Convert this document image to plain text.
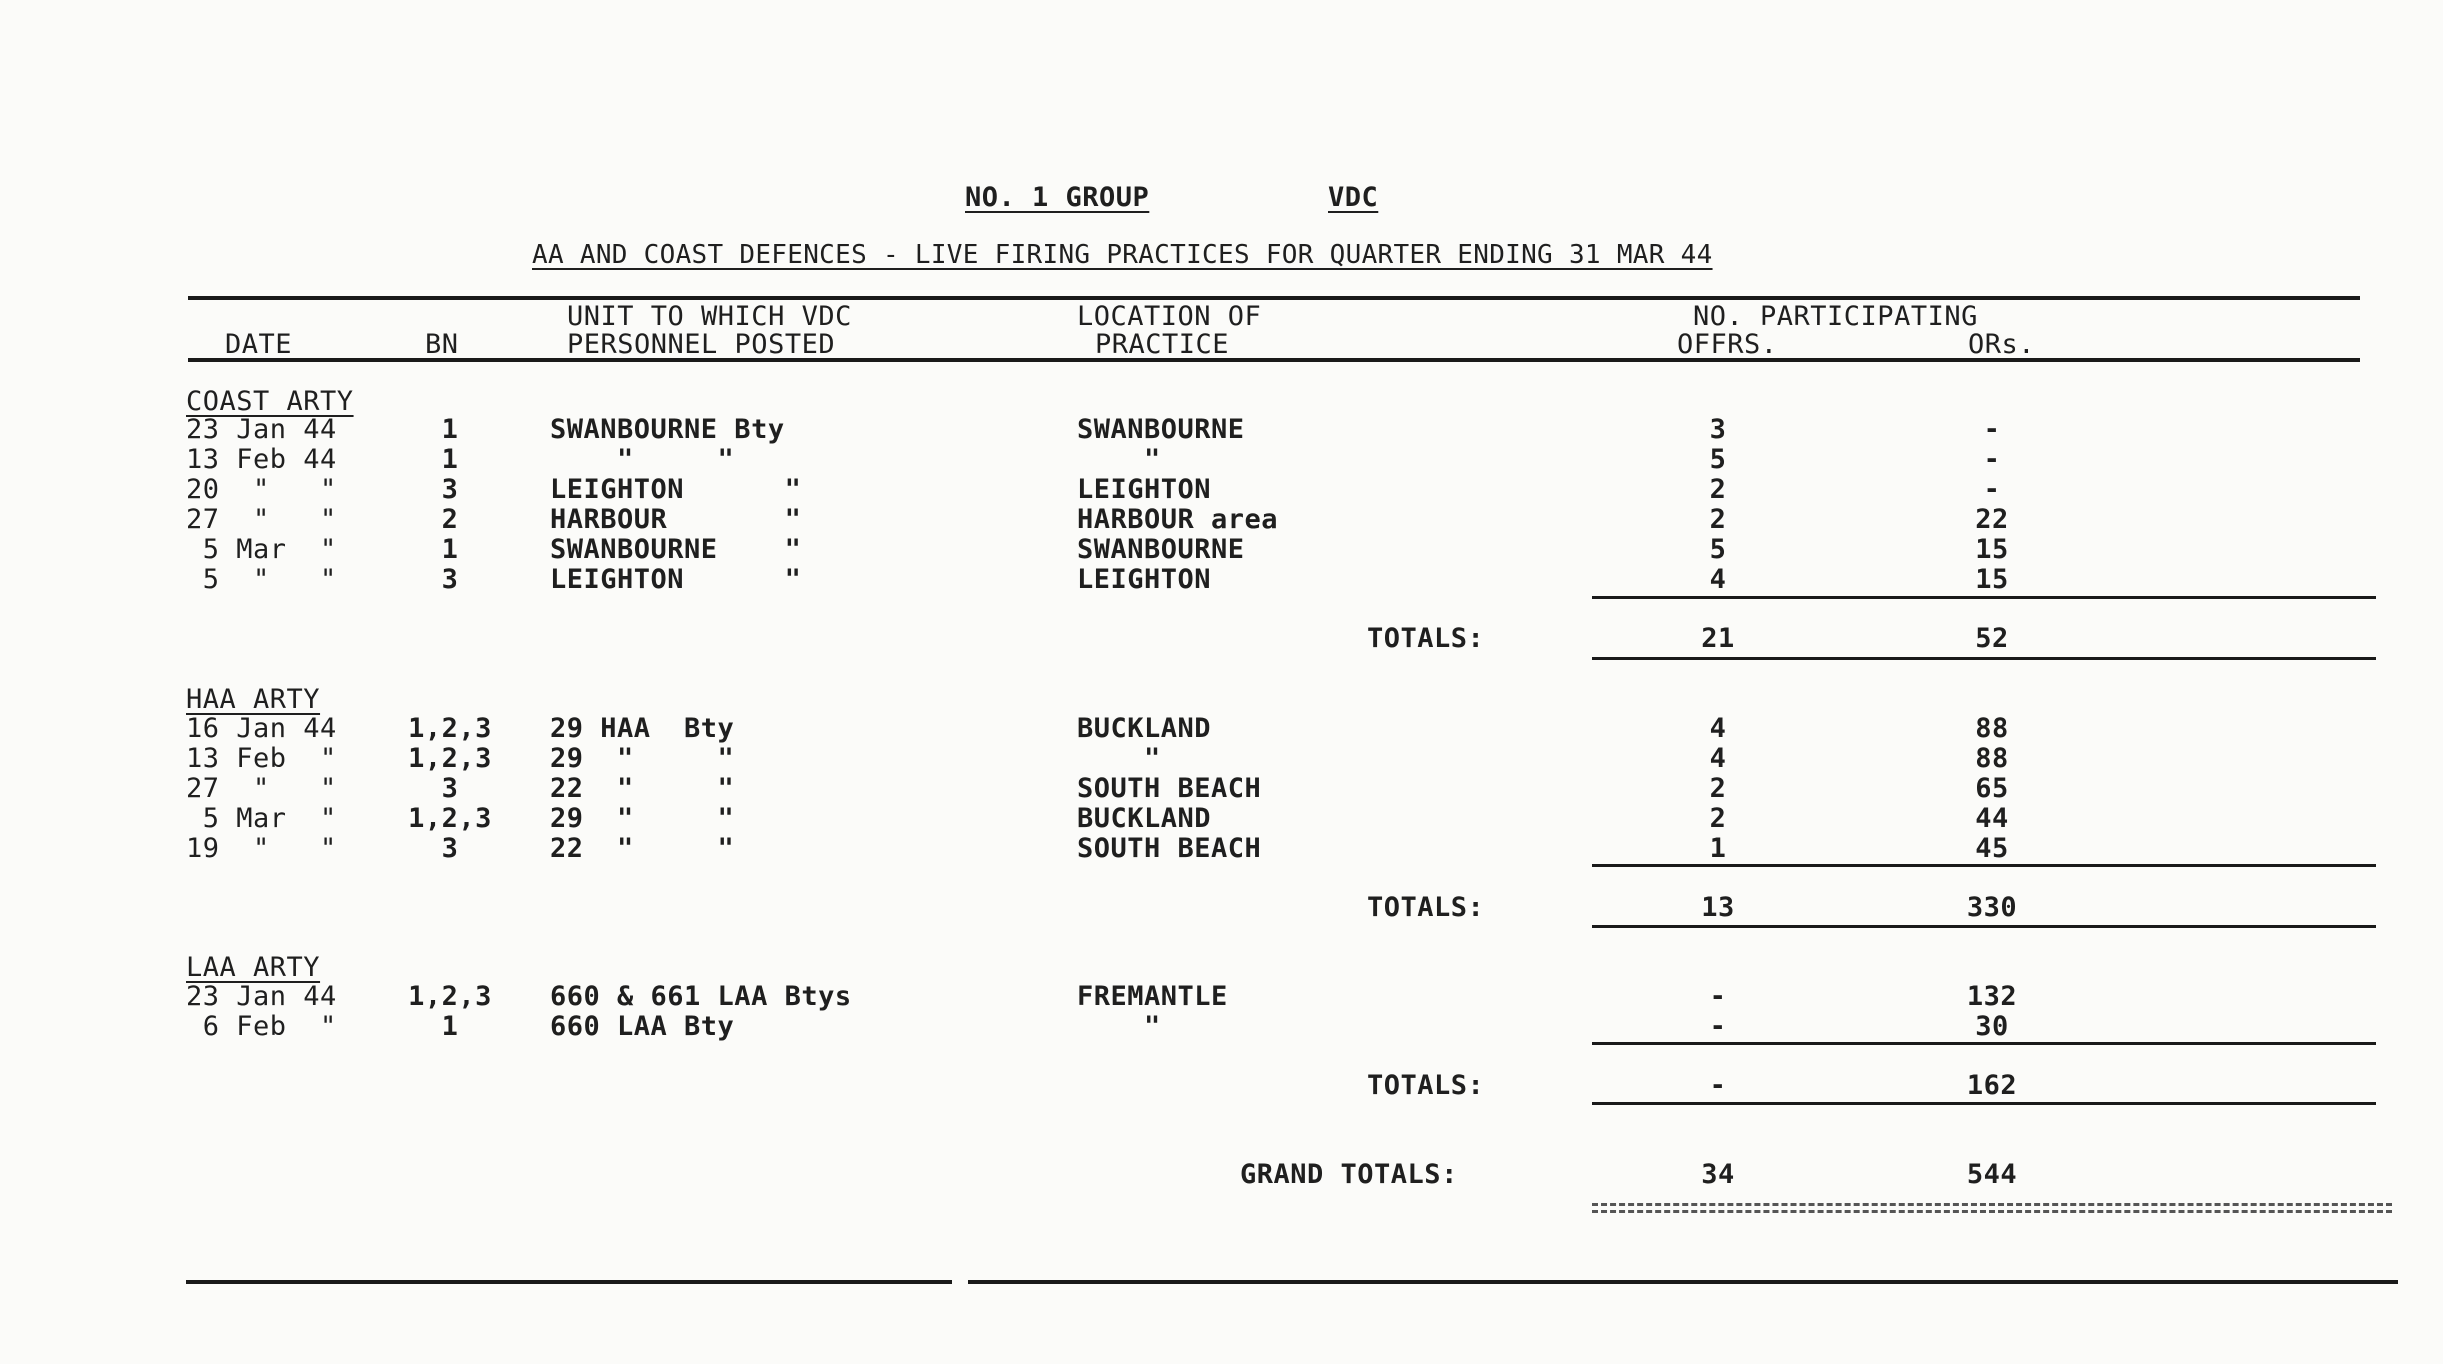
NO. 1 GROUP	VDC
AA AND COAST DEFENCES - LIVE FIRING PRACTICES FOR QUARTER ENDING 31 MAR 44
DATE	BN
UNIT TO WHICH VDC
PERSONNEL POSTED
LOCATION OF
PRACTICE
NO. PARTICIPATING
OFFRS.	ORs.
COAST ARTY
23 Jan 44	1	SWANBOURNE Bty	SWANBOURNE	3	-
13 Feb 44	1	"     "	"	5	-
20  "   "	3	LEIGHTON      "	LEIGHTON	2	-
27  "   "	2	HARBOUR       "	HARBOUR area	2	22
5 Mar  "	1	SWANBOURNE    "	SWANBOURNE	5	15
5  "   "	3	LEIGHTON      "	LEIGHTON	4	15
TOTALS:	21	52
HAA ARTY
16 Jan 44	1,2,3 29 HAA  Bty	BUCKLAND	4	88
13 Feb  "	1,2,3 29  "     "	"	4	88
27  "   "	3	22  "     "	SOUTH BEACH	2	65
5 Mar  "	1,2,3 29  "     "	BUCKLAND	2	44
19  "   "	3	22  "     "	SOUTH BEACH	1	45
TOTALS:	13	330
LAA ARTY
23 Jan 44	1,2,3 660 & 661 LAA Btys	FREMANTLE	-	132
6 Feb  "	1	660 LAA Bty	"	-	30
TOTALS:	-	162
GRAND TOTALS:	34	544
